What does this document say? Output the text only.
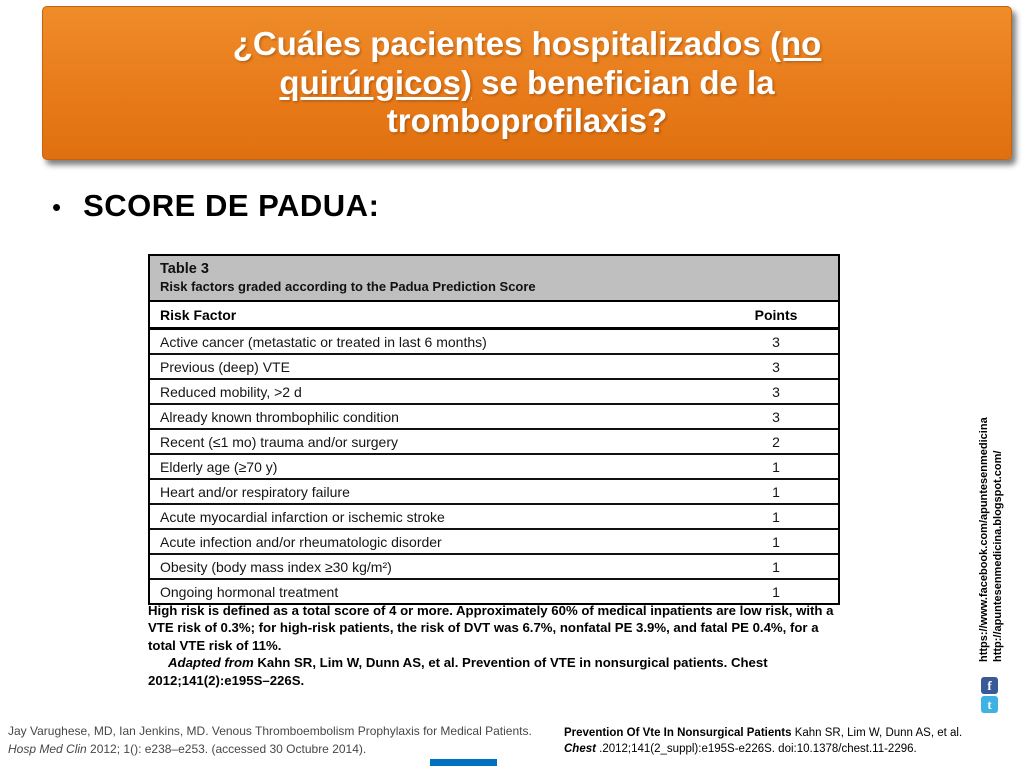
¿Cuáles pacientes hospitalizados (no quirúrgicos) se benefician de la tromboprofilaxis?
• SCORE DE PADUA:
Table 3
Risk factors graded according to the Padua Prediction Score
Risk Factor	Points
Active cancer (metastatic or treated in last 6 months)	3
Previous (deep) VTE	3
Reduced mobility, >2 d	3
Already known thrombophilic condition	3
Recent (≤1 mo) trauma and/or surgery	2
Elderly age (≥70 y)	1
Heart and/or respiratory failure	1
Acute myocardial infarction or ischemic stroke	1
Acute infection and/or rheumatologic disorder	1
Obesity (body mass index ≥30 kg/m²)	1
Ongoing hormonal treatment	1
High risk is defined as a total score of 4 or more. Approximately 60% of medical inpatients are low risk, with a VTE risk of 0.3%; for high-risk patients, the risk of DVT was 6.7%, nonfatal PE 3.9%, and fatal PE 0.4%, for a total VTE risk of 11%.
Adapted from Kahn SR, Lim W, Dunn AS, et al. Prevention of VTE in nonsurgical patients. Chest 2012;141(2):e195S–226S.
https://www.facebook.com/apuntesenmedicina http://apuntesenmedicina.blogspot.com/
f
t
Jay Varughese, MD, Ian Jenkins, MD. Venous Thromboembolism Prophylaxis for Medical Patients.
Hosp Med Clin 2012; 1(): e238–e253. (accessed 30 Octubre 2014).
Prevention Of Vte In Nonsurgical Patients Kahn SR, Lim W, Dunn AS, et al.
Chest .2012;141(2_suppl):e195S-e226S. doi:10.1378/chest.11-2296.
